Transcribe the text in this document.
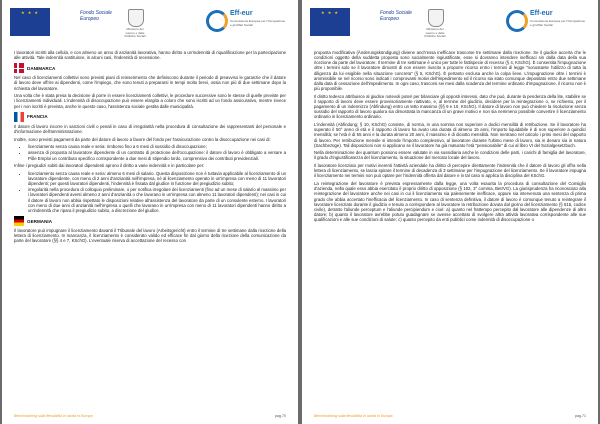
★ ★ ★	Fondo Sociale Europeo
Ministero del Lavoro e delle Politiche Sociali
Eff-eur
Commissione Europea per l'Occupazione e gli Affari Sociali

I lavoratori iscritti alla cellula, e con almeno un anno di anzianità lavorativa, hanno diritto a un'indennità di riqualificazione per la partecipazione alle attività. Tale indennità sostituisce, in alcuni casi, l'indennità di recessione.

DANIMARCA

Nel caso di licenziamenti collettivi sono previsti piani di reinserimento che definiscono durante il periodo di preavviso le garanzie che il datore di lavoro deve offrire ai dipendenti, come l'impiego, che sono tenuti a prepararsi in tempi molto brevi, ossia non più di due settimane dopo la richiesta del lavoratore.

Una volta che è stata presa la decisione di porre in essere licenziamenti collettivi, le procedure successive sono le stesse di quelle previste per i licenziamenti individuali. L'indennità di disoccupazione può essere elargita a coloro che sono iscritti ad un fondo assicurativo, mentre invece per i non iscritti è prevista, anche in questo caso, l'assistenza sociale gestita dalle municipalità.

FRANCIA

Il datore di lavoro incorre in sanzioni civili o penali in caso di irregolarità nella procedura di consultazione dei rappresentanti del personale e d'informazione dell'amministrazione.

Inoltre, sono previsti pagamenti da parte del datore di lavoro a favore del fondo per l'assicurazione contro la disoccupazione nei casi di:

• licenziamento senza causa reale e seria: rimborso fino a 6 mesi di sussidio di disoccupazione;
• assenza di proposta al lavoratore dipendente di un contratto di protezione dell'occupazione: il datore di lavoro è obbligato a versare a Pôle Emploi un contributo specifico corrispondente a due mesi di stipendio lordo, comprensivo dei contributi previdenziali.

Infine i pregiudizi subiti dai lavoratori dipendenti aprono il diritto a varie indennità e in particolare per:

• licenziamento senza causa reale e seria: almeno 6 mesi di salario. Questa disposizione non è tuttavia applicabile al licenziamento di un lavoratore dipendente, con meno di 2 anni d'anzianità nell'impresa, né al licenziamento operato in un'impresa con meno di 11 lavoratori dipendenti; per questi lavoratori dipendenti, l'indennità è fissata dal giudice in funzione del pregiudizio subito;
• irregolarità nella procedura di colloquio preliminare, o per notifica irregolare dei licenziamenti (fino ad un mese di salario al massimo per i lavoratori dipendenti aventi almeno 2 anni d'anzianità o che lavorano in un'impresa con almeno 11 lavoratori dipendenti); nei casi in cui il datore di lavoro non abbia rispettato le disposizioni relative all'assistenza del lavoratore da parte di un consulente esterno. I lavoratori con meno di due anni di anzianità nell'impresa o quelli che lavorano in un'impresa con meno di 11 lavoratori dipendenti hanno diritto a un'indennità che ripara il pregiudizio subito, a discrezione del giudice.
GERMANIA

Il lavoratore può impugnare il licenziamento davanti il Tribunale del lavoro (Arbeitsgericht) entro il termine di tre settimane dalla ricezione della lettera di licenziamento. In mancanza, il licenziamento è considerato valido ed efficace fin dal giorno della ricezione della comunicazione da parte del lavoratore (§§ 4 e 7, KSchG). L'eventuale riserva di accettazione del recesso con

Benchmarking sulla flessibilità in uscita in Europa	pag.70
★ ★ ★	Fondo Sociale Europeo
Ministero del Lavoro e delle Politiche Sociali
Eff-eur
Commissione Europea per l'Occupazione e gli Affari Sociali

proposta modificativa (Änderungskündigung) diviene anch'essa inefficace trascorse tre settimane dalla ricezione. Se il giudice accerta che le condizioni oggetto della suddetta proposta sono socialmente ingiustificate, esse si dovranno intendere inefficaci sin dalla data della sua ricezione da parte del lavoratore. Il termine di tre settimane è unico per tutte le fattispecie di recesso (§ 4, KSchG). È consentita l'impugnazione oltre i termini solo se il lavoratore dimostri di non essere riuscito a proporre ricorso entro i termini di legge "nonostante l'utilizzo di tutta la diligenza da lui esigibile nella situazione concreta" (§ 5, KSchG). È pertanto esclusa anche la colpa lieve. L'impugnazione oltre i termini è ammissibile se nel ricorso sono indicati i comprovanti motivi dell'impedimento ed il ricorso sia stato comunque depositato entro due settimane dalla data di cessazione dell'impedimento. In ogni caso, trascorsi sei mesi dalla scadenza del termine ordinario d'impugnazione, il ricorso non è più proponibile.

Il diritto tedesco attribuisce al giudice notevoli poteri per bilanciare gli opposti interessi, dato che può, durante la pendenza della lite, stabilire se il rapporto di lavoro deve essere provvisoriamente riattivato, e, al termine del giudizio, decidere per la reintegrazione o, se richiesto, per il pagamento di un indennizzo (Abfindung) entro un tetto massimo (§§ 9 e 10, KSchG). Il datore di lavoro non può chiedere la risoluzione senza sussidio del rapporto di lavoro qualora sia dimostrata la mancanza di un grave motivo e non sia nemmeno possibile convertire il licenziamento ordinario in licenziamento ordinario.

L'indennità (Abfindung; § 10, KSchG) consiste, di norma, in una somma non superiore a dodici mensilità di retribuzione. Se il lavoratore ha superato il 50° anno di età e il rapporto di lavoro ha avuto una durata di almeno 15 anni, l'importo liquidabile è di non superiore a quindici mensilità; se l'età è di 55 anni e la durata almeno 20 anni, il massimo è di diciotto mensilità. Non rientrano nel calcolo i primi mesi del rapporto di lavoro. Per retribuzione mensile si intende l'importo complessivo, al lavoratore durante l'ultimo mese di lavoro, sia in denaro sia in natura (Sachbezüge). Tali disposizioni non si applicano se il lavoratore ha già maturato l'età "pensionabile" di cui al libro VI del Sozialgesetzbuch.

Nella determinazione dei quantum possono essere valutate in via sussidiaria anche le condizioni delle parti, i carichi di famiglia del lavoratore, il grado d'ingiustificatezza del licenziamento, la situazione del mercato locale del lavoro.

Il lavoratore licenziato per motivi inerenti l'attività aziendale ha diritto di percepire direttamente l'indennità che il datore di lavoro gli offra nella lettera di licenziamento, se lascia spirare il termine di decadenza di 3 settimane per l'impugnazione del licenziamento. Se il lavoratore impugna il licenziamento nei termini non può optare per l'indennità offerta dal datore e in tal caso si applica la disciplina del KSchG.

La reintegrazione del lavoratore è prevista espressamente dalla legge, una volta esaurita la procedura di consultazione del Consiglio d'azienda, nella quale esso abbia esercitato il proprio diritto di opposizione (§ 102, 3° comma, BetrVG). La giurisprudenza ha riconosciuto alla reintegrazione del lavoratore anche nei casi in cui il licenziamento sia palesemente inefficace, oppure sia intervenuta una sentenza di prima grado che abbia accertato l'inefficacia del licenziamento. In caso di sentenza definitiva, il datore di lavoro è comunque tenuto a reintegrare il lavoratore licenziato durante il giudizio e tenuto a corrispondere al lavoratore la retribuzione dovuta dal giorno del licenziamento (§ 615, codice civile), detratto l'aliunde perceptum e l'aliunde percipiendum e cioè: a) quanto nel frattempo percepito dal lavoratore alle dipendenze di altro datore; b) quanto il lavoratore avrebbe potuto guadagnare se avesse accettato di svolgere altra attività lavorativa corrispondente alle sue qualificazioni e alle sue condizioni di salute; c) quanto percepito da enti pubblici come indennità di disoccupazione o

Benchmarking sulla flessibilità in uscita in Europa	pag.71
